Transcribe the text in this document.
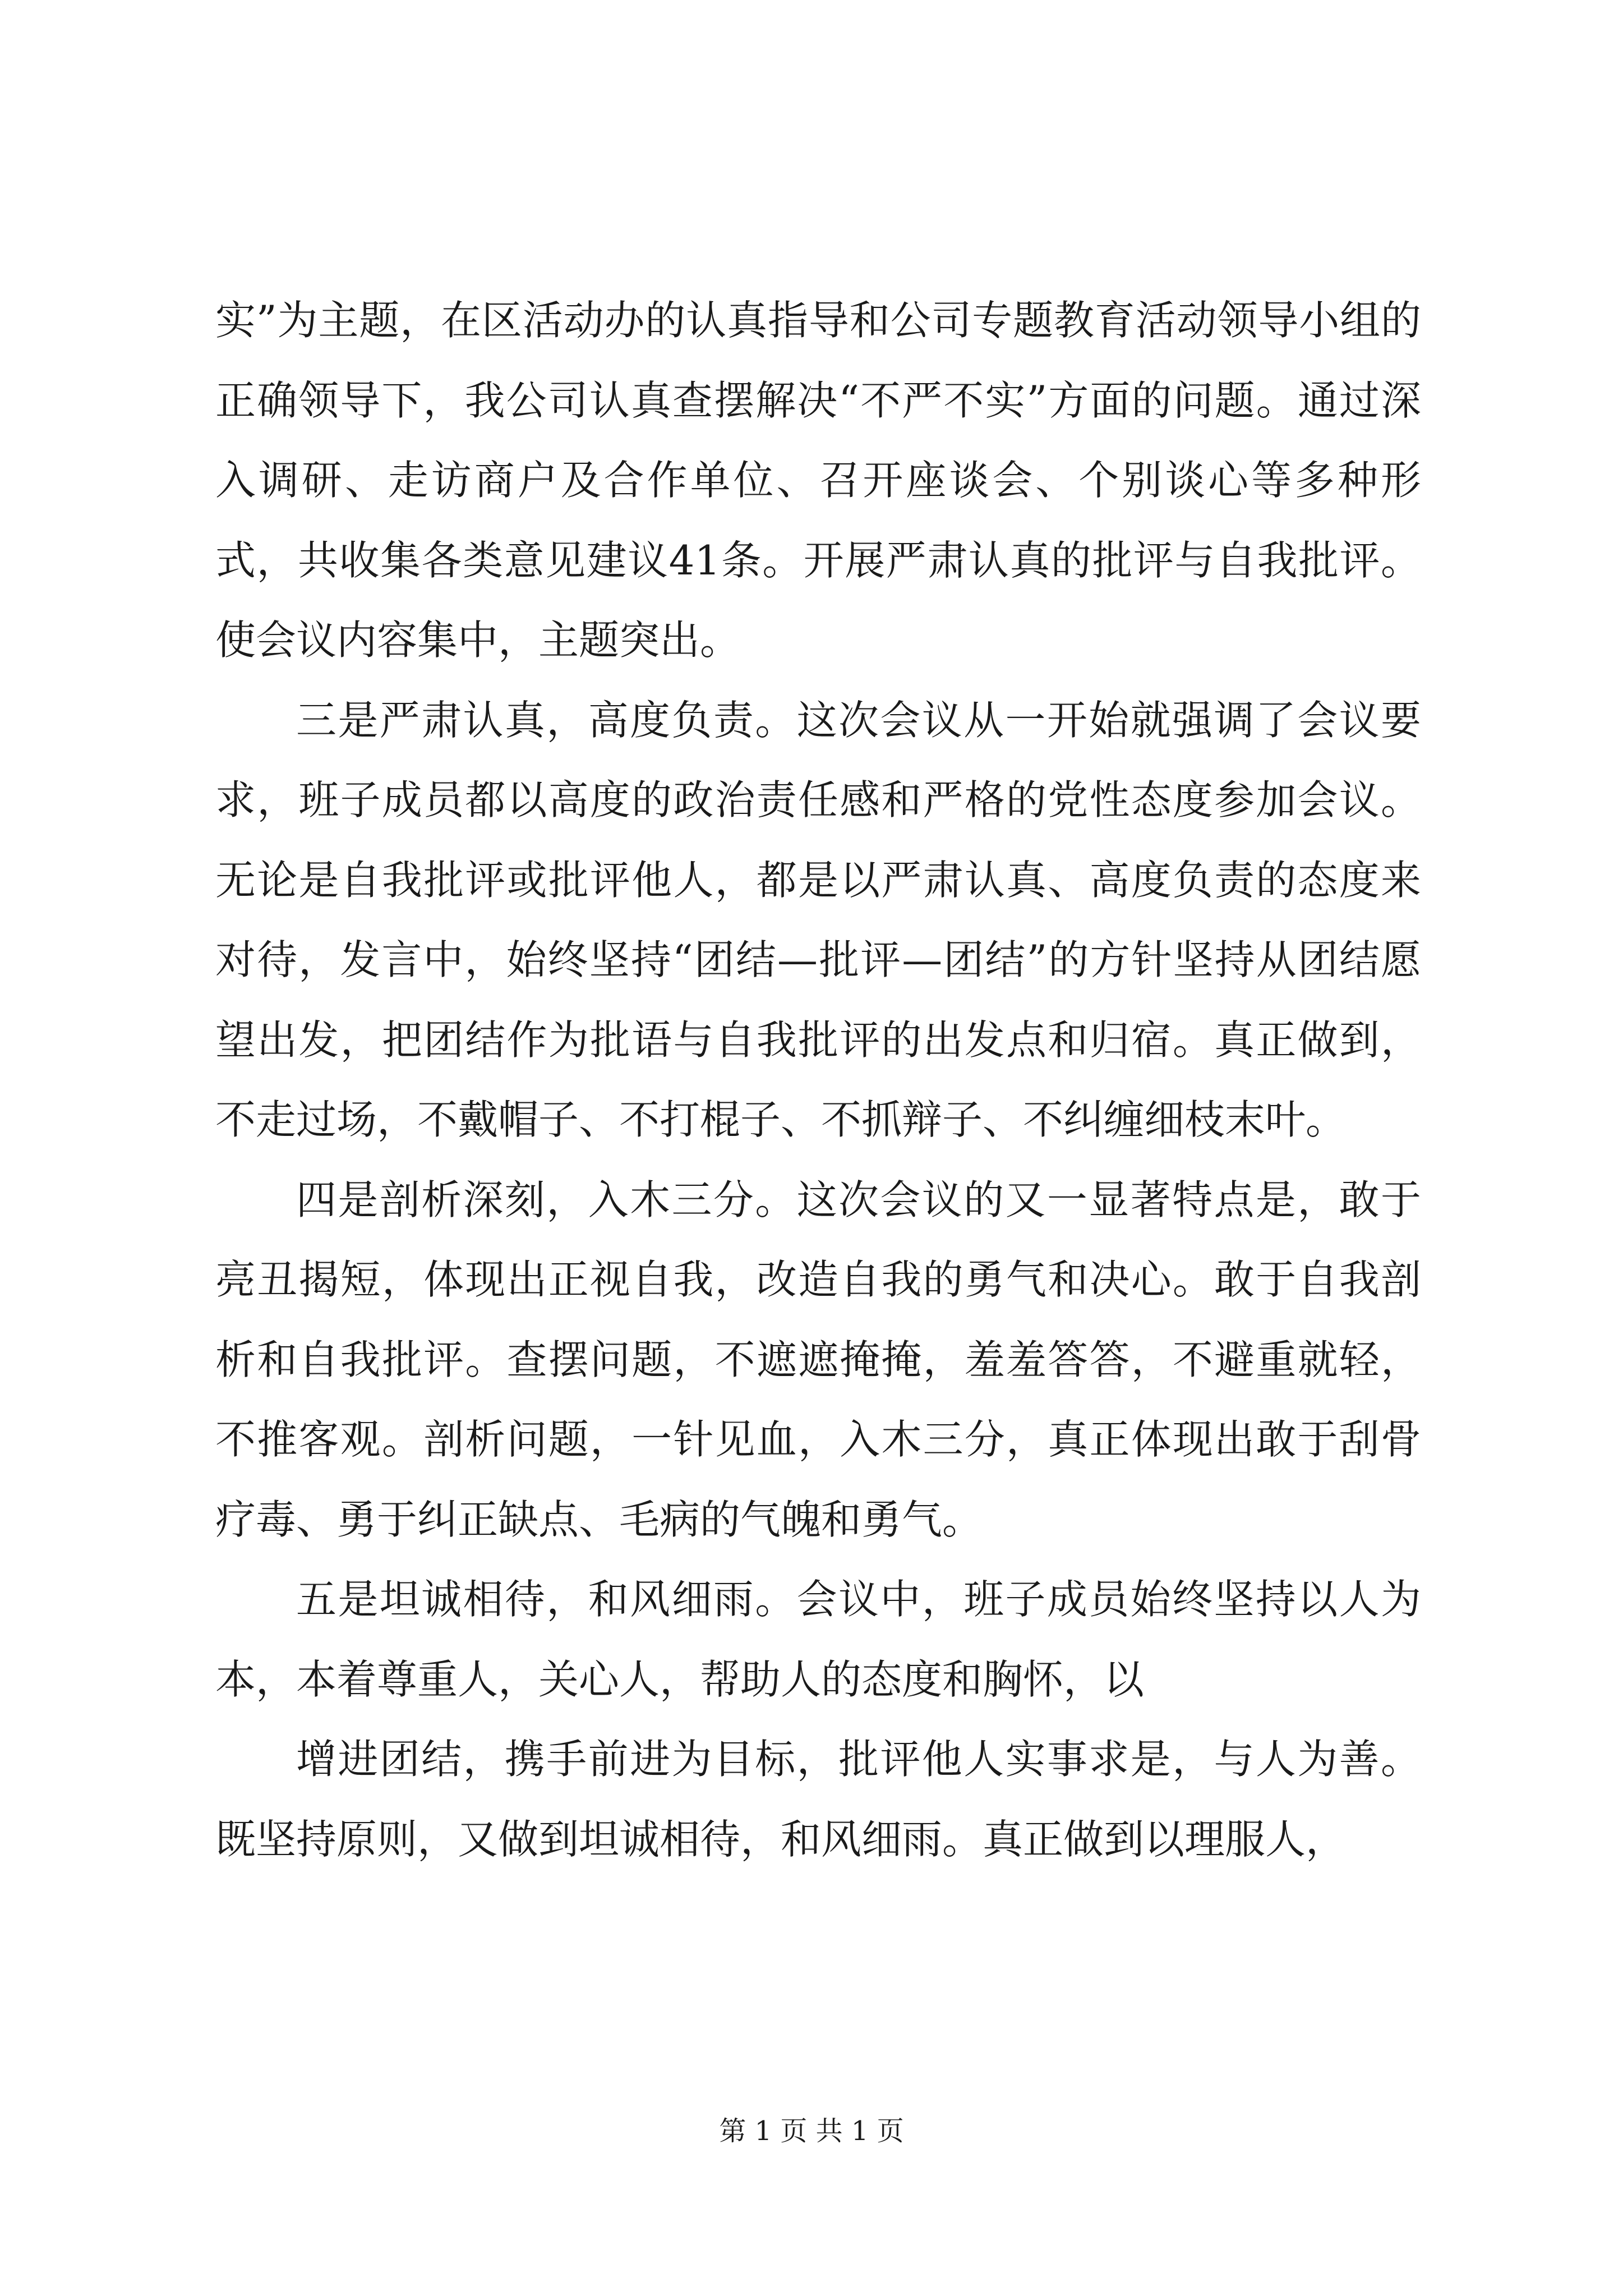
实”为主题，在区活动办的认真指导和公司专题教育活动领导小组的正确领导下，我公司认真查摆解决“不严不实”方面的问题。通过深入调研、走访商户及合作单位、召开座谈会、个别谈心等多种形式，共收集各类意见建议41条。开展严肃认真的批评与自我批评。使会议内容集中，主题突出。

三是严肃认真，高度负责。这次会议从一开始就强调了会议要求，班子成员都以高度的政治责任感和严格的党性态度参加会议。无论是自我批评或批评他人，都是以严肃认真、高度负责的态度来对待，发言中，始终坚持“团结—批评—团结”的方针坚持从团结愿望出发，把团结作为批语与自我批评的出发点和归宿。真正做到，不走过场，不戴帽子、不打棍子、不抓辩子、不纠缠细枝末叶。

四是剖析深刻，入木三分。这次会议的又一显著特点是，敢于亮丑揭短，体现出正视自我，改造自我的勇气和决心。敢于自我剖析和自我批评。查摆问题，不遮遮掩掩，羞羞答答，不避重就轻，不推客观。剖析问题，一针见血，入木三分，真正体现出敢于刮骨疗毒、勇于纠正缺点、毛病的气魄和勇气。

五是坦诚相待，和风细雨。会议中，班子成员始终坚持以人为本，本着尊重人，关心人，帮助人的态度和胸怀，以

增进团结，携手前进为目标，批评他人实事求是，与人为善。既坚持原则，又做到坦诚相待，和风细雨。真正做到以理服人，

第 1 页 共 1 页
